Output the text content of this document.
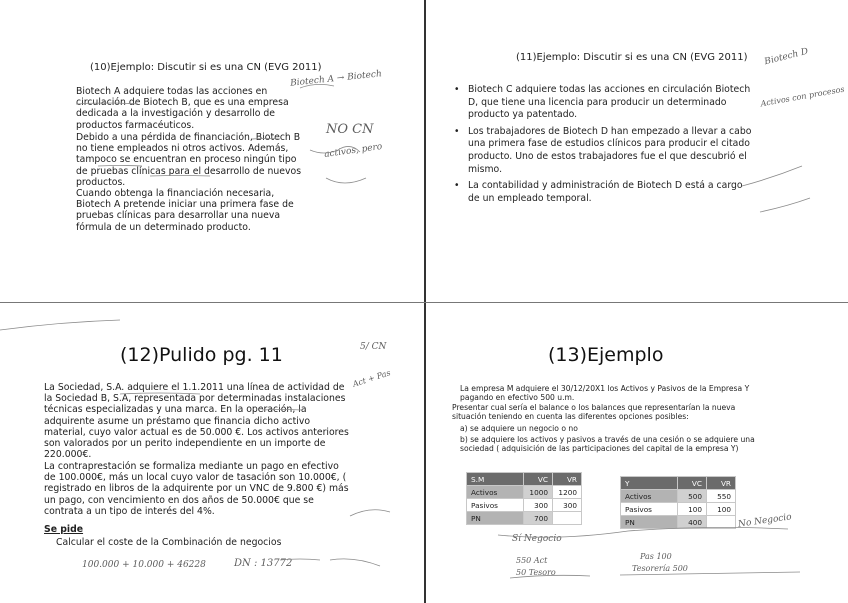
(10)Ejemplo: Discutir si es una CN (EVG 2011)

Biotech A adquiere todas las acciones en circulación de Biotech B, que es una empresa dedicada a la investigación y desarrollo de productos farmacéuticos.

Debido a una pérdida de financiación, Biotech B no tiene empleados ni otros activos. Además, tampoco se encuentran en proceso ningún tipo de pruebas clínicas para el desarrollo de nuevos productos.

Cuando obtenga la financiación necesaria, Biotech A pretende iniciar una primera fase de pruebas clínicas para desarrollar una nueva fórmula de un determinado producto.

Biotech A → Biotech
NO CN
activos, pero
(11)Ejemplo: Discutir si es una CN (EVG 2011)
• Biotech C adquiere todas las acciones en circulación Biotech D, que tiene una licencia para producir un determinado producto ya patentado.
• Los trabajadores de Biotech D han empezado a llevar a cabo una primera fase de estudios clínicos para producir el citado producto. Uno de estos trabajadores fue el que descubrió el mismo.
• La contabilidad y administración de Biotech D está a cargo de un empleado temporal.
Biotech D
Activos con procesos
(12)Pulido pg. 11

La Sociedad, S.A. adquiere el 1.1.2011 una línea de actividad de la Sociedad B, S.A, representada por determinadas instalaciones técnicas especializadas y una marca. En la operación, la adquirente asume un préstamo que financia dicho activo material, cuyo valor actual es de 50.000 €. Los activos anteriores son valorados por un perito independiente en un importe de 220.000€.

La contraprestación se formaliza mediante un pago en efectivo de 100.000€, más un local cuyo valor de tasación son 10.000€, ( registrado en libros de la adquirente por un VNC de 9.800 €) más un pago, con vencimiento en dos años de 50.000€ que se contrata a un tipo de interés del 4%.

Se pide
Calcular el coste de la Combinación de negocios
100.000 + 10.000 + 46228	DN : 13772
5/ CN
Act + Pas
(13)Ejemplo

La empresa M adquiere el 30/12/20X1 los Activos y Pasivos de la Empresa Y pagando en efectivo 500 u.m.

Presentar cual sería el balance o los balances que representarían la nueva situación teniendo en cuenta las diferentes opciones posibles:

a) se adquiere un negocio o no

b) se adquiere los activos y pasivos a través de una cesión o se adquiere una sociedad ( adquisición de las participaciones del capital de la empresa Y)

S.M	VC	VR
Activos	1000	1200
Pasivos	300	300
PN	700	
Y	VC	VR
Activos	500	550
Pasivos	100	100
PN	400	
Sí Negocio
No Negocio
550 Act
50 Tesoro
Pas 100
Tesorería 500
